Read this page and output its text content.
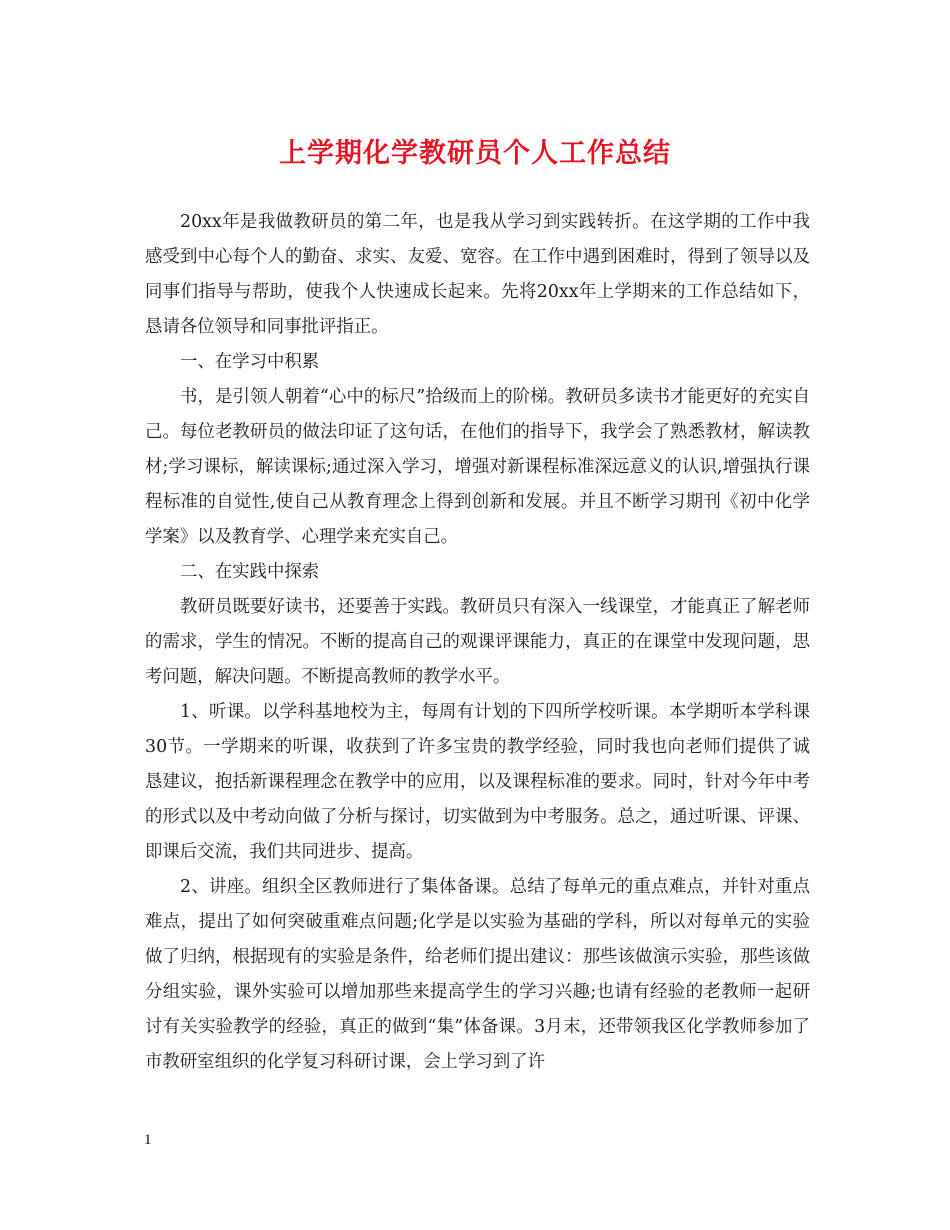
上学期化学教研员个人工作总结

20xx年是我做教研员的第二年，也是我从学习到实践转折。在这学期的工作中我感受到中心每个人的勤奋、求实、友爱、宽容。在工作中遇到困难时，得到了领导以及同事们指导与帮助，使我个人快速成长起来。先将20xx年上学期来的工作总结如下，恳请各位领导和同事批评指正。

一、在学习中积累

书，是引领人朝着“心中的标尺”拾级而上的阶梯。教研员多读书才能更好的充实自己。每位老教研员的做法印证了这句话，在他们的指导下，我学会了熟悉教材，解读教材;学习课标，解读课标;通过深入学习，增强对新课程标准深远意义的认识,增强执行课程标准的自觉性,使自己从教育理念上得到创新和发展。并且不断学习期刊《初中化学学案》以及教育学、心理学来充实自己。

二、在实践中探索

教研员既要好读书，还要善于实践。教研员只有深入一线课堂，才能真正了解老师的需求，学生的情况。不断的提高自己的观课评课能力，真正的在课堂中发现问题，思考问题，解决问题。不断提高教师的教学水平。

1、听课。以学科基地校为主，每周有计划的下四所学校听课。本学期听本学科课30节。一学期来的听课，收获到了许多宝贵的教学经验，同时我也向老师们提供了诚恳建议，抱括新课程理念在教学中的应用，以及课程标准的要求。同时，针对今年中考的形式以及中考动向做了分析与探讨，切实做到为中考服务。总之，通过听课、评课、即课后交流，我们共同进步、提高。

2、讲座。组织全区教师进行了集体备课。总结了每单元的重点难点，并针对重点难点，提出了如何突破重难点问题;化学是以实验为基础的学科，所以对每单元的实验做了归纳，根据现有的实验是条件，给老师们提出建议：那些该做演示实验，那些该做分组实验，课外实验可以增加那些来提高学生的学习兴趣;也请有经验的老教师一起研讨有关实验教学的经验，真正的做到“集”体备课。3月末，还带领我区化学教师参加了市教研室组织的化学复习科研讨课，会上学习到了许

1
